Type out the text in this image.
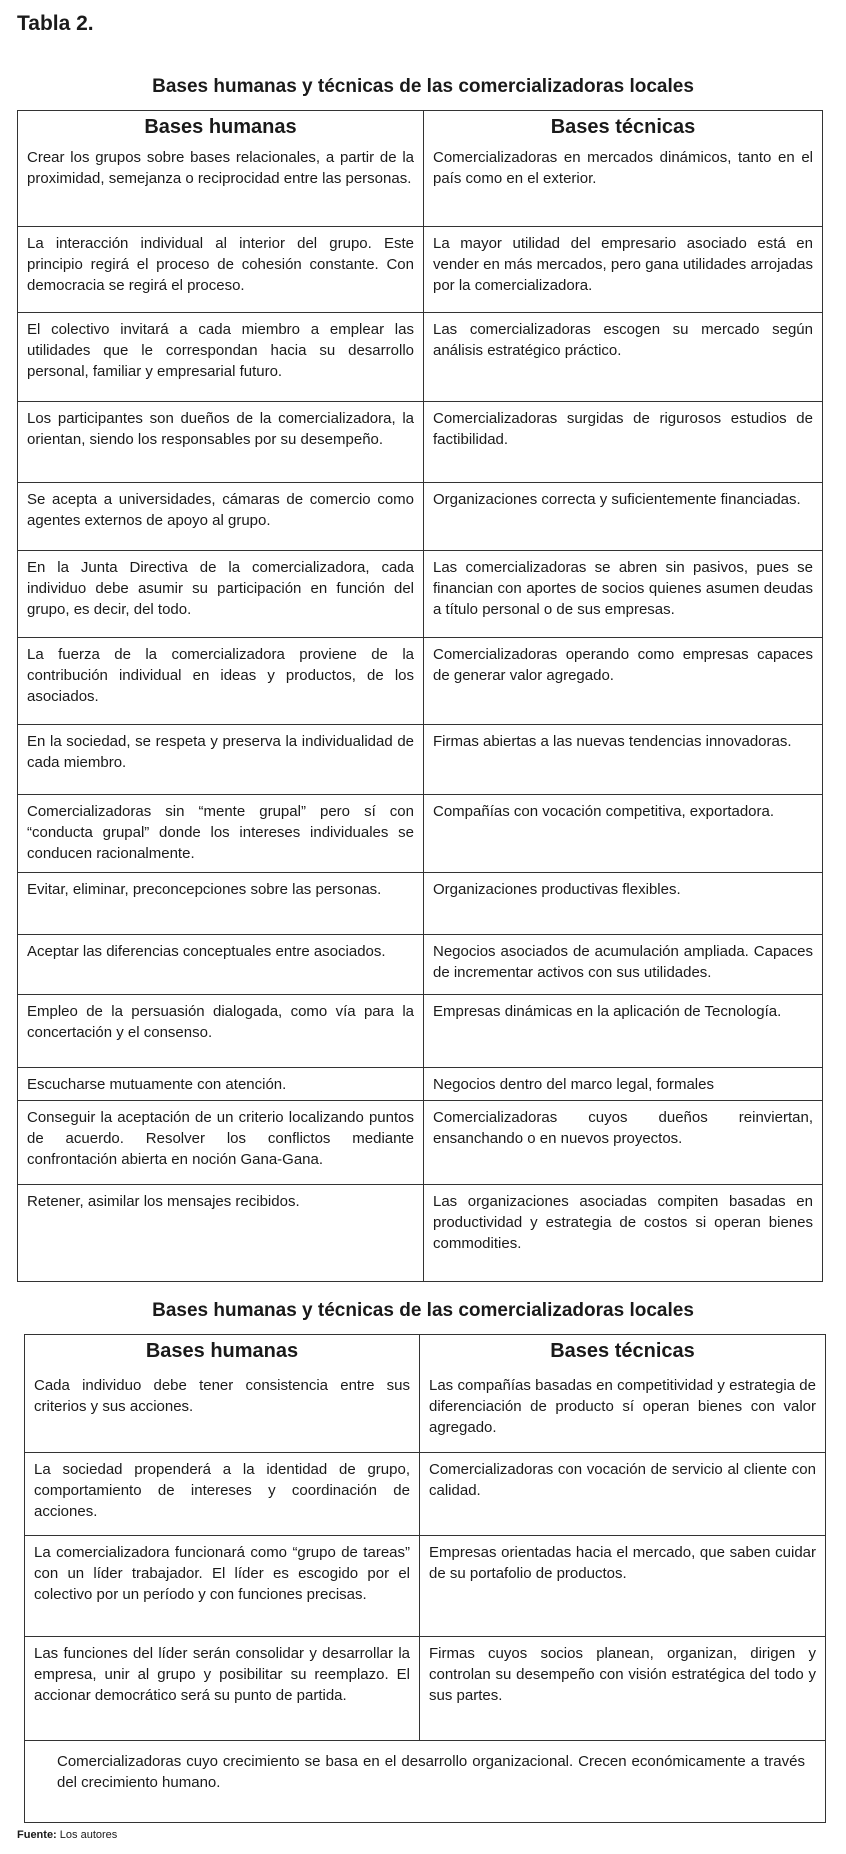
Tabla 2.
Bases humanas y técnicas de las comercializadoras locales
Bases humanas	Bases técnicas
Crear los grupos sobre bases relacionales, a partir de la proximidad, semejanza o reciprocidad entre las personas.	Comercializadoras en mercados dinámicos, tanto en el país como en el exterior.
La interacción individual al interior del grupo. Este principio regirá el proceso de cohesión constante. Con democracia se regirá el proceso.	La mayor utilidad del empresario asociado está en vender en más mercados, pero gana utilidades arrojadas por la comercializadora.
El colectivo invitará a cada miembro a emplear las utilidades que le correspondan hacia su desarrollo personal, familiar y empresarial futuro.	Las comercializadoras escogen su mercado según análisis estratégico práctico.
Los participantes son dueños de la comercializadora, la orientan, siendo los responsables por su desempeño.	Comercializadoras surgidas de rigurosos estudios de factibilidad.
Se acepta a universidades, cámaras de comercio como agentes externos de apoyo al grupo.	Organizaciones correcta y suficientemente financiadas.
En la Junta Directiva de la comercializadora, cada individuo debe asumir su participación en función del grupo, es decir, del todo.	Las comercializadoras se abren sin pasivos, pues se financian con aportes de socios quienes asumen deudas a título personal o de sus empresas.
La fuerza de la comercializadora proviene de la contribución individual en ideas y productos, de los asociados.	Comercializadoras operando como empresas capaces de generar valor agregado.
En la sociedad, se respeta y preserva la individualidad de cada miembro.	Firmas abiertas a las nuevas tendencias innovadoras.
Comercializadoras sin “mente grupal” pero sí con “conducta grupal” donde los intereses individuales se conducen racionalmente.	Compañías con vocación competitiva, exportadora.
Evitar, eliminar, preconcepciones sobre las personas.	Organizaciones productivas flexibles.
Aceptar las diferencias conceptuales entre asociados.	Negocios asociados de acumulación ampliada. Capaces de incrementar activos con sus utilidades.
Empleo de la persuasión dialogada, como vía para la concertación y el consenso.	Empresas dinámicas en la aplicación de Tecnología.
Escucharse mutuamente con atención.	Negocios dentro del marco legal, formales
Conseguir la aceptación de un criterio localizando puntos de acuerdo. Resolver los conflictos mediante confrontación abierta en noción Gana-Gana.	Comercializadoras cuyos dueños reinviertan, ensanchando o en nuevos proyectos.
Retener, asimilar los mensajes recibidos.	Las organizaciones asociadas compiten basadas en productividad y estrategia de costos si operan bienes commodities.
Bases humanas y técnicas de las comercializadoras locales
Bases humanas	Bases técnicas
Cada individuo debe tener consistencia entre sus criterios y sus acciones.	Las compañías basadas en competitividad y estrategia de diferenciación de producto sí operan bienes con valor agregado.
La sociedad propenderá a la identidad de grupo, comportamiento de intereses y coordinación de acciones.	Comercializadoras con vocación de servicio al cliente con calidad.
La comercializadora funcionará como “grupo de tareas” con un líder trabajador. El líder es escogido por el colectivo por un período y con funciones precisas.	Empresas orientadas hacia el mercado, que saben cuidar de su portafolio de productos.
Las funciones del líder serán consolidar y desarrollar la empresa, unir al grupo y posibilitar su reemplazo. El accionar democrático será su punto de partida.	Firmas cuyos socios planean, organizan, dirigen y controlan su desempeño con visión estratégica del todo y sus partes.
Comercializadoras cuyo crecimiento se basa en el desarrollo organizacional. Crecen económicamente a través del crecimiento humano.	
Fuente: Los autores
